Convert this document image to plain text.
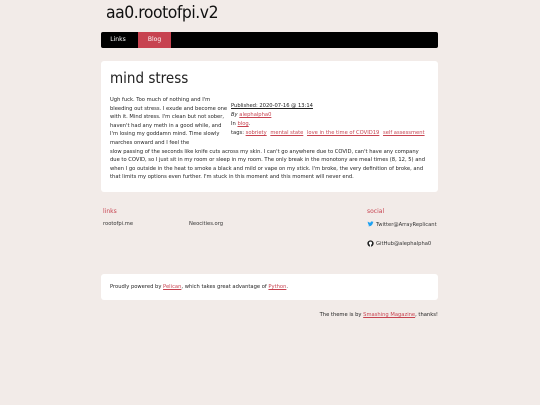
aa0.rootofpi.v2
Links	Blog
mind stress
Ugh fuck. Too much of nothing and I'm bleeding out stress. I exude and become one with it. Mind stress. I'm clean but not sober, haven't had any meth in a good while, and I'm losing my goddamn mind. Time slowly marches onward and I feel the
slow passing of the seconds like knife cuts across my skin. I can't go anywhere due to COVID, can't have any company due to COVID, so I just sit in my room or sleep in my room. The only break in the monotony are meal times (8, 12, 5) and when I go outside in the heat to smoke a black and mild or vape on my stick. I'm broke, the very definition of broke, and that limits my options even further. I'm stuck in this moment and this moment will never end.
Published: 2020-07-16 @ 13:14
By alephalpha0
In blog.
tags: sobriety mental state love in the time of COVID19 self assessment
links
rootofpi.me	Neocities.org
social
Twitter@ArrayReplicant
GitHub@alephalpha0
Proudly powered by Pelican, which takes great advantage of Python.
The theme is by Smashing Magazine, thanks!
